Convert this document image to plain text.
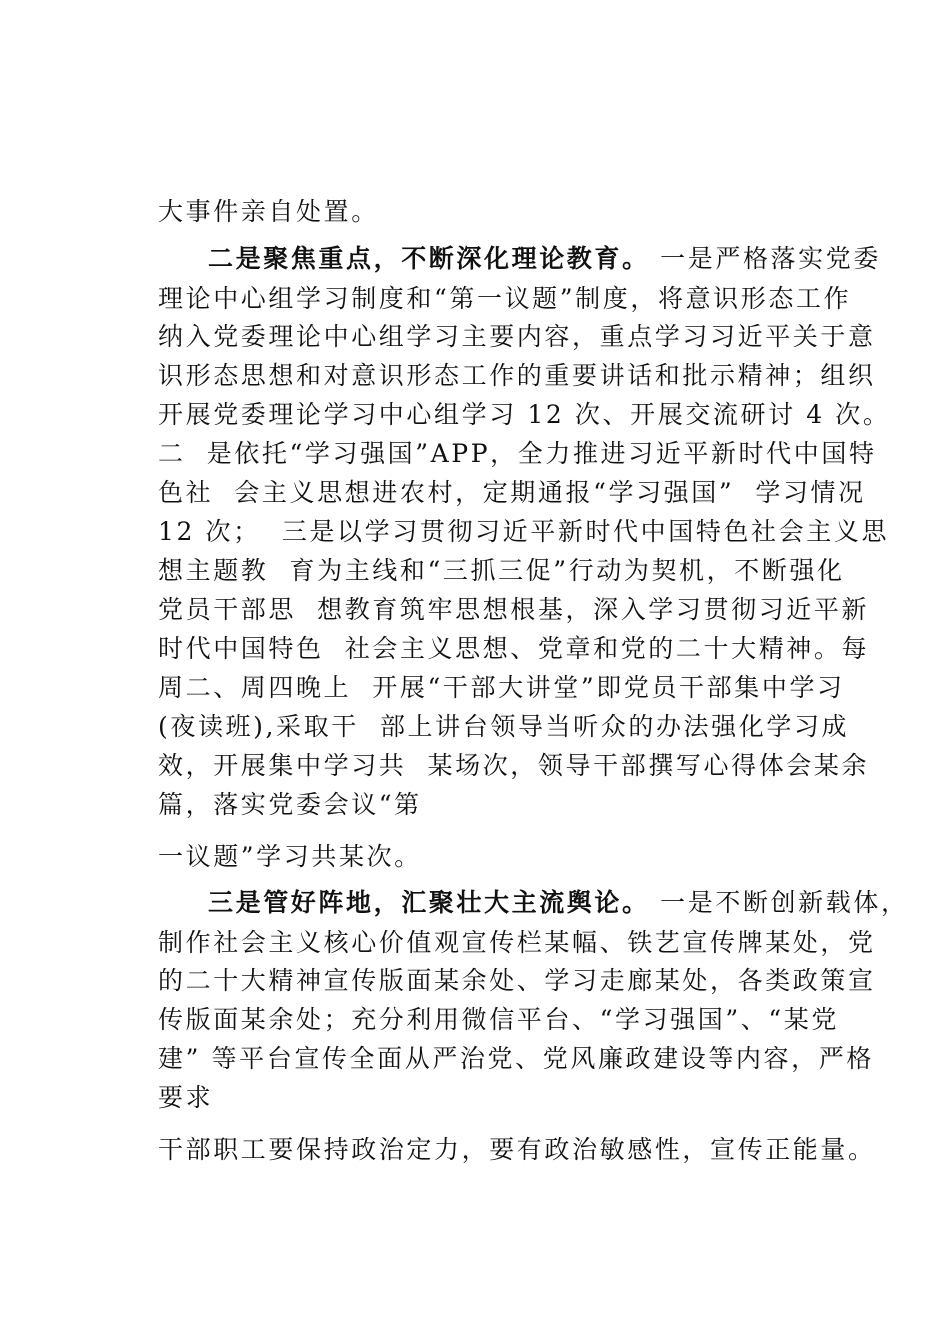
大事件亲自处置。
二是聚焦重点，不断深化理论教育。 一是严格落实党委
理论中心组学习制度和“第一议题”制度，将意识形态工作
纳入党委理论中心组学习主要内容，重点学习习近平关于意
识形态思想和对意识形态工作的重要讲话和批示精神；组织
开展党委理论学习中心组学习 12 次、开展交流研讨 4 次。
二  是依托“学习强国”APP，全力推进习近平新时代中国特
色社  会主义思想进农村，定期通报“学习强国”  学习情况
12 次；  三是以学习贯彻习近平新时代中国特色社会主义思
想主题教  育为主线和“三抓三促”行动为契机，不断强化
党员干部思  想教育筑牢思想根基，深入学习贯彻习近平新
时代中国特色  社会主义思想、党章和党的二十大精神。每
周二、周四晚上  开展“干部大讲堂”即党员干部集中学习
(夜读班),采取干  部上讲台领导当听众的办法强化学习成
效，开展集中学习共  某场次，领导干部撰写心得体会某余
篇，落实党委会议“第
一议题”学习共某次。
三是管好阵地，汇聚壮大主流舆论。 一是不断创新载体，
制作社会主义核心价值观宣传栏某幅、铁艺宣传牌某处，党
的二十大精神宣传版面某余处、学习走廊某处，各类政策宣
传版面某余处；充分利用微信平台、“学习强国”、“某党
建” 等平台宣传全面从严治党、党风廉政建设等内容，严格
要求
干部职工要保持政治定力，要有政治敏感性，宣传正能量。
